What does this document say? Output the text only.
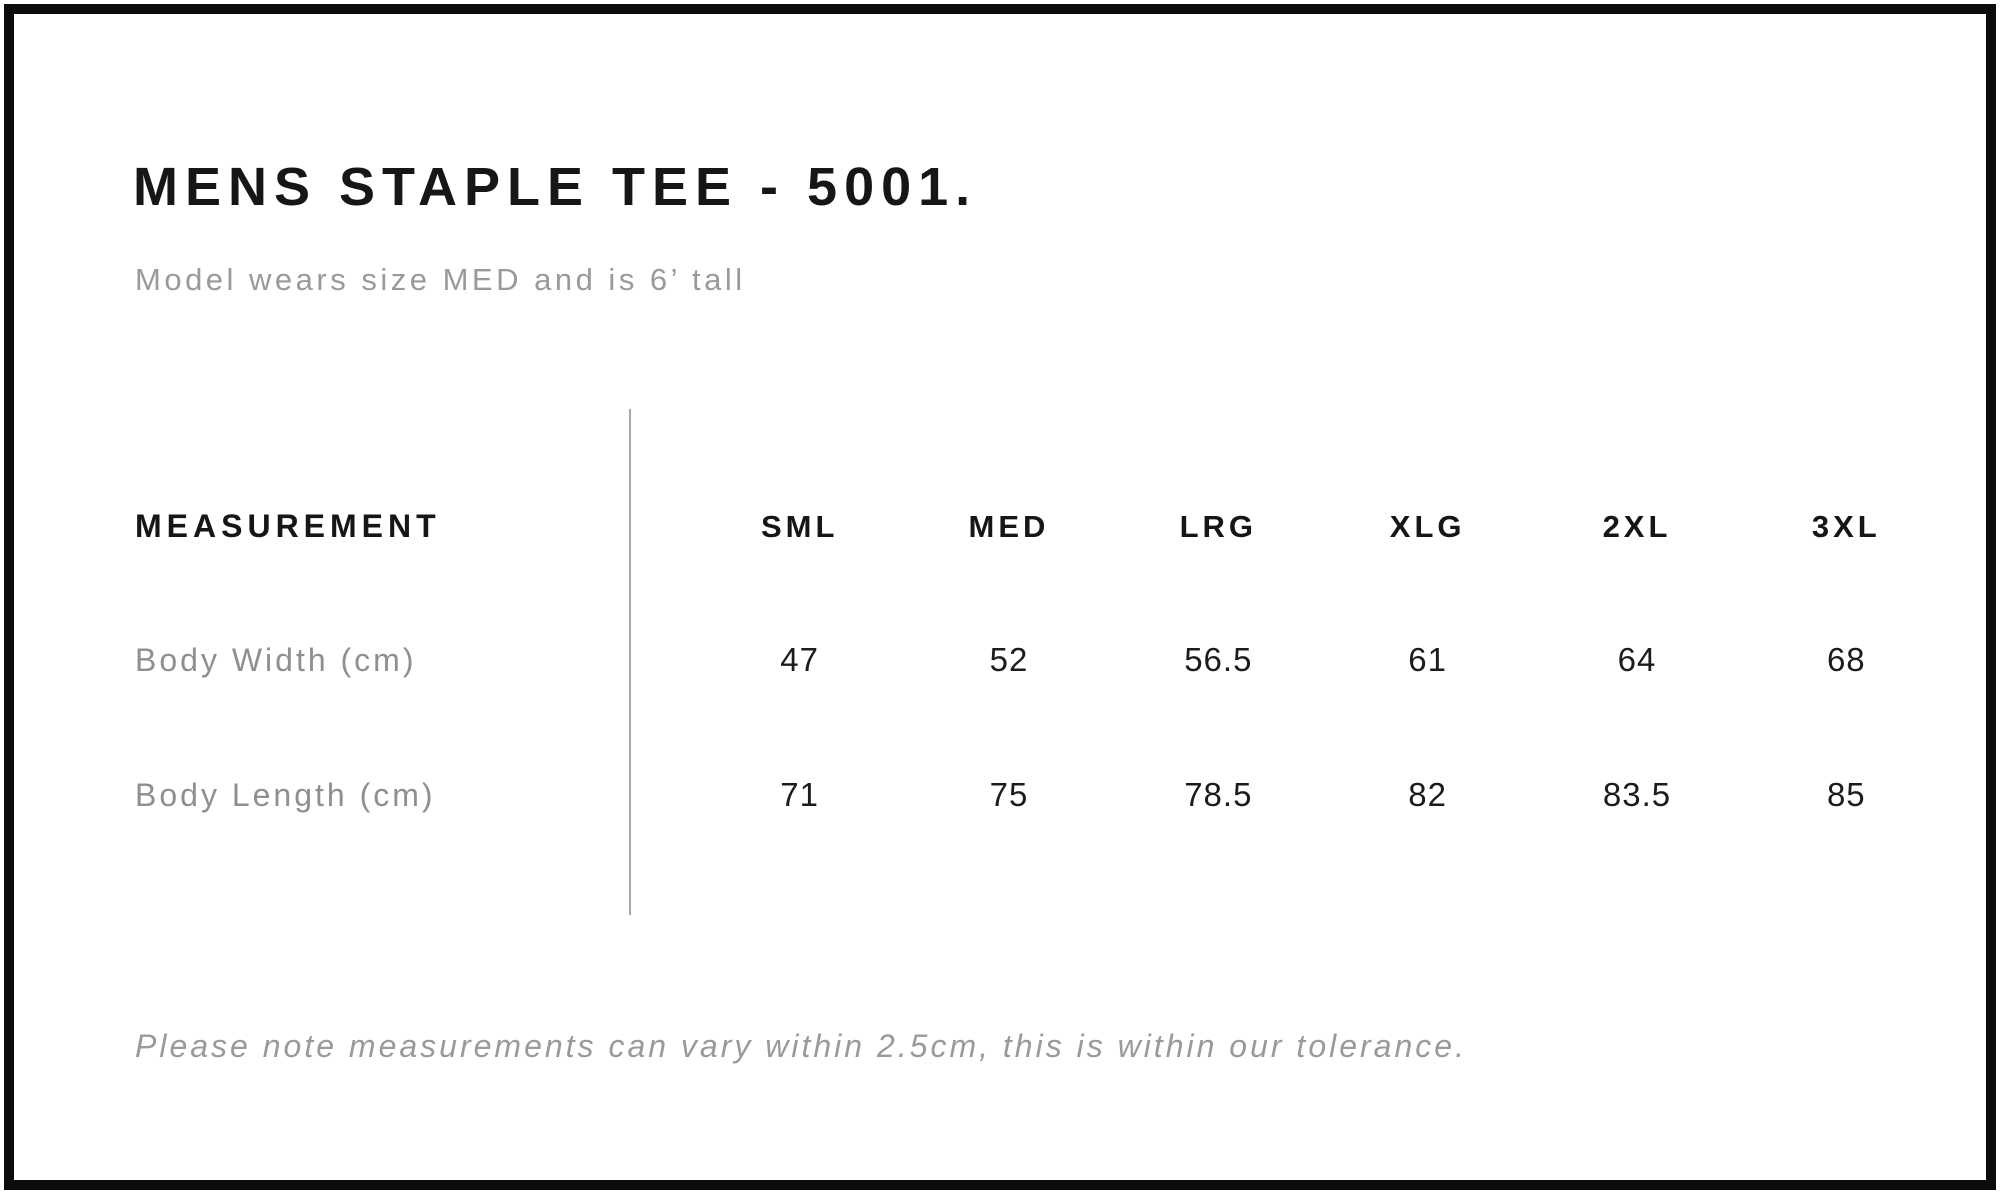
MENS STAPLE TEE - 5001.
Model wears size MED and is 6’ tall
MEASUREMENT	SML	MED	LRG	XLG	2XL	3XL
Body Width (cm)	47	52	56.5	61	64	68
Body Length (cm)	71	75	78.5	82	83.5	85
Please note measurements can vary within 2.5cm, this is within our tolerance.
